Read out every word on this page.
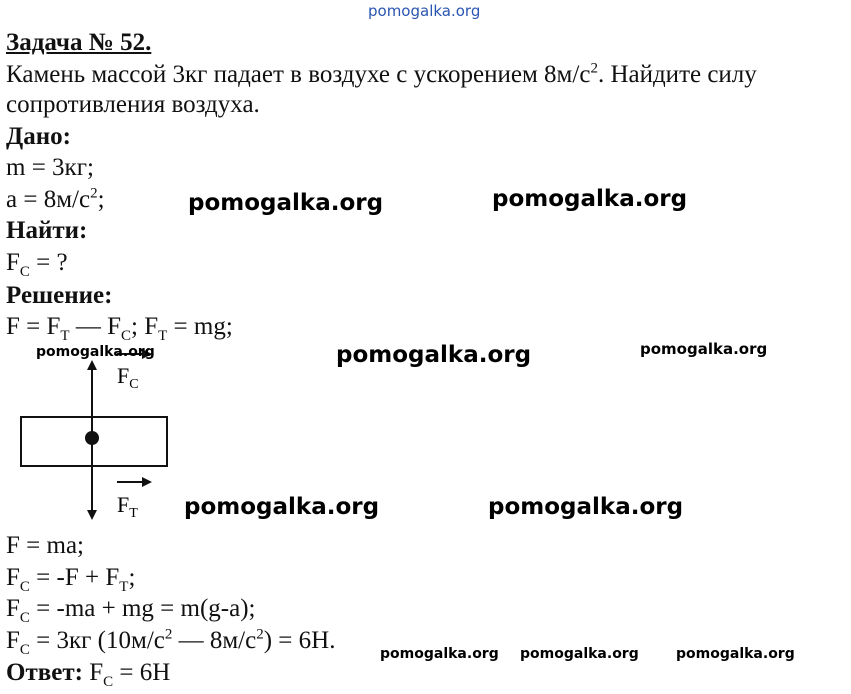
pomogalka.org
Задача № 52.
Камень массой 3кг падает в воздухе с ускорением $8м/с^2$. Найдите силу
сопротивления воздуха.
Дано:
m = 3кг;
$a = 8м/с^2$;
Найти:
$F_C$ = ?
Решение:
$F = F_T$ — $F_C$; $F_T$ = mg;
$F_C$
$F_T$
F = ma;
$F_C = -F + F_T$;
$F_C = -ma$ + mg = m(g-a);
$F_C = 3кг$ ($10м/с^2$ — $8м/с^2) = 6Н$.
Ответ: $F_C = 6Н$
pomogalka.org	pomogalka.org
pomogalka.org	pomogalka.org
pomogalka.org
pomogalka.org	pomogalka.org
pomogalka.org pomogalka.org	pomogalka.org
